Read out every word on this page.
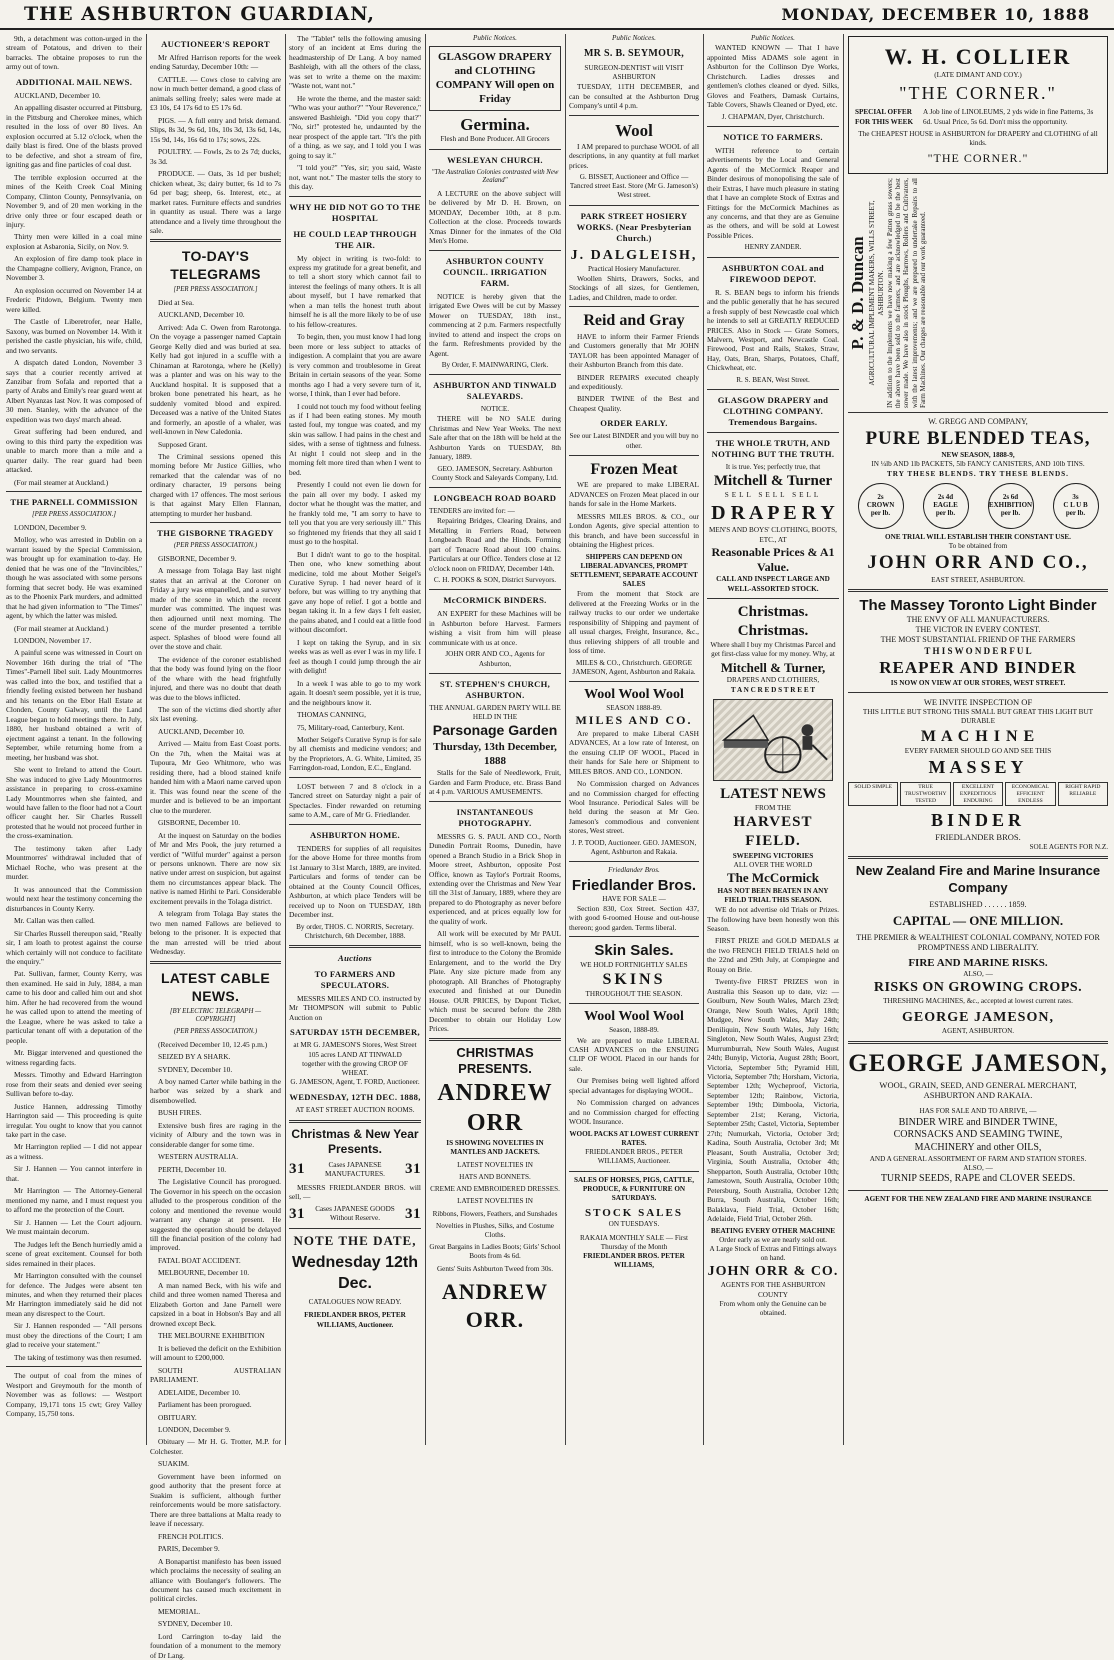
THE ASHBURTON GUARDIAN,	MONDAY, DECEMBER 10, 1888

9th, a detachment was cotton-urged in the stream of Potatous, and driven to their barracks. The obtaine proposes to run the army out of town.

ADDITIONAL MAIL NEWS.

AUCKLAND, December 10.

An appalling disaster occurred at Pittsburg, in the Pittsburg and Cherokee mines, which resulted in the loss of over 80 lives. An explosion occurred at 5.12 o'clock, when the daily blast is fired. One of the blasts proved to be defective, and shot a stream of fire, igniting gas and fine particles of coal dust.

The terrible explosion occurred at the mines of the Keith Creek Coal Mining Company, Clinton County, Pennsylvania, on November 9, and of 20 men working in the drive only three or four escaped death or injury.

Thirty men were killed in a coal mine explosion at Asbaronia, Sicily, on Nov. 9.

An explosion of fire damp took place in the Champagne colliery, Avignon, France, on November 3.

An explosion occurred on November 14 at Frederic Pitdown, Belgium. Twenty men were killed.

The Castle of Liberetrofer, near Halle, Saxony, was burned on November 14. With it perished the castle physician, his wife, child, and two servants.

A dispatch dated London, November 3 says that a courier recently arrived at Zanzibar from Sofala and reported that a party of Arabs and Emily's rear guard went at Albert Nyanzas last Nov. It was composed of 30 men. Stanley, with the advance of the expedition was two days' march ahead.

Great suffering had been endured, and owing to this third party the expedition was unable to march more than a mile and a quarter daily. The rear guard had been attacked.

(For mail steamer at Auckland.)

THE PARNELL COMMISSION
[PER PRESS ASSOCIATION.]

LONDON, December 9.

Molloy, who was arrested in Dublin on a warrant issued by the Special Commission, was brought up for examination to-day. He denied that he was one of the "Invincibles," though he was associated with some persons forming that secret body. He was examined as to the Phoenix Park murders, and admitted that he had given information to "The Times" agent, by which the latter was misled.

(For mail steamer at Auckland.)

LONDON, November 17.

A painful scene was witnessed in Court on November 16th during the trial of "The Times"-Parnell libel suit. Lady Mountmorres was called into the box, and testified that a friendly feeling existed between her husband and his tenants on the Ebor Hall Estate at Clonden, County Galway, until the Land League began to hold meetings there. In July, 1880, her husband obtained a writ of ejectment against a tenant. In the following September, while returning home from a meeting, her husband was shot.

She went to Ireland to attend the Court. She was induced to give Lady Mountmorres assistance in preparing to cross-examine Lady Mountmorres when she fainted, and would have fallen to the floor had not a Court officer caught her. Sir Charles Russell protested that he would not proceed further in the cross-examination.

The testimony taken after Lady Mountmorres' withdrawal included that of Michael Roche, who was present at the murder.

It was announced that the Commission would next hear the testimony concerning the disturbances in County Kerry.

Mr. Callan was then called.

Sir Charles Russell thereupon said, "Really sir, I am loath to protest against the course which certainly will not conduce to facilitate the enquiry."

Pat. Sullivan, farmer, County Kerry, was then examined. He said in July, 1884, a man came to his door and called him out and shot him. After he had recovered from the wound he was called upon to attend the meeting of the League, where he was asked to take a particular tenant off with a deputation of the people.

Mr. Biggar intervened and questioned the witness regarding facts.

Messrs. Timothy and Edward Harrington rose from their seats and denied ever seeing Sullivan before to-day.

Justice Hannen, addressing Timothy Harrington said — This proceeding is quite irregular. You ought to know that you cannot take part in the case.

Mr Harrington replied — I did not appear as a witness.

Sir J. Hannen — You cannot interfere in that.

Mr Harrington — The Attorney-General mentioned my name, and I must request you to afford me the protection of the Court.

Sir J. Hannen — Let the Court adjourn. We must maintain decorum.

The Judges left the Bench hurriedly amid a scene of great excitement. Counsel for both sides remained in their places.

Mr Harrington consulted with the counsel for defence. The Judges were absent ten minutes, and when they returned their places Mr Harrington immediately said he did not mean any disrespect to the Court.

Sir J. Hannen responded — "All persons must obey the directions of the Court; I am glad to receive your statement."

The taking of testimony was then resumed.

The output of coal from the mines of Westport and Greymouth for the month of November was as follows: — Westport Company, 19,171 tons 15 cwt; Grey Valley Company, 15,750 tons.

AUCTIONEER'S REPORT

Mr Alfred Harrison reports for the week ending Saturday, December 10th: —

CATTLE. — Cows close to calving are now in much better demand, a good class of animals selling freely; sales were made at £3 10s, £4 17s 6d to £5 17s 6d.

PIGS. — A full entry and brisk demand. Slips, 8s 3d, 9s 6d, 10s, 10s 3d, 13s 6d, 14s, 15s 9d, 14s, 16s 6d to 17s; sows, 22s.

POULTRY. — Fowls, 2s to 2s 7d; ducks, 3s 3d.

PRODUCE. — Oats, 3s 1d per bushel; chicken wheat, 3s; dairy butter, 6s 1d to 7s 6d per bag; sheep, 6s. Interest, etc., at market rates. Furniture effects and sundries in quantity as usual. There was a large attendance and a lively time throughout the sale.

TO-DAY'S TELEGRAMS
[PER PRESS ASSOCIATION.]

Died at Sea.

AUCKLAND, December 10.

Arrived: Ada C. Owen from Rarotonga. On the voyage a passenger named Captain George Kelly died and was buried at sea. Kelly had got injured in a scuffle with a Chinaman at Rarotonga, where he (Kelly) was a planter and was on his way to the Auckland hospital. It is supposed that a broken bone penetrated his heart, as he suddenly vomited blood and expired. Deceased was a native of the United States and formerly, an apostle of a whaler, was well-known in New Caledonia.

Supposed Grant.

The Criminal sessions opened this morning before Mr Justice Gillies, who remarked that the calendar was of no ordinary character, 19 persons being charged with 17 offences. The most serious is that against Mary Ellen Flannan, attempting to murder her husband.

THE GISBORNE TRAGEDY
(PER PRESS ASSOCIATION.)

GISBORNE, December 9.

A message from Tolaga Bay last night states that an arrival at the Coroner on Friday a jury was empanelled, and a survey made of the scene in which the recent murder was committed. The inquest was then adjourned until next morning. The scene of the murder presented a terrible aspect. Splashes of blood were found all over the stove and chair.

The evidence of the coroner established that the body was found lying on the floor of the whare with the head frightfully injured, and there was no doubt that death was due to the blows inflicted.

The son of the victims died shortly after six last evening.

AUCKLAND, December 10.

Arrived — Maitu from East Coast ports. On the 7th, when the Maitai was at Tupoura, Mr Geo Whitmore, who was residing there, had a blood stained knife handed him with a Maori name carved upon it. This was found near the scene of the murder and is believed to be an important clue to the murderer.

GISBORNE, December 10.

At the inquest on Saturday on the bodies of Mr and Mrs Pook, the jury returned a verdict of "Wilful murder" against a person or persons unknown. There are now six native under arrest on suspicion, but against them no circumstances appear black. The native is named Hirihi te Pari. Considerable excitement prevails in the Tolaga district.

A telegram from Tolaga Bay states the two men named Fallows are believed to belong to the prisoner. It is expected that the man arrested will be tried about Wednesday.

LATEST CABLE NEWS.
[BY ELECTRIC TELEGRAPH — COPYRIGHT]
(PER PRESS ASSOCIATION.)

(Received December 10, 12.45 p.m.)

SEIZED BY A SHARK.

SYDNEY, December 10.

A boy named Carter while bathing in the harbor was seized by a shark and disembowelled.

BUSH FIRES.

Extensive bush fires are raging in the vicinity of Albury and the town was in considerable danger for some time.

WESTERN AUSTRALIA.

PERTH, December 10.

The Legislative Council has prorogued. The Governor in his speech on the occasion alluded to the prosperous condition of the colony and mentioned the revenue would warrant any change at present. He suggested the operation should be delayed till the financial position of the colony had improved.

FATAL BOAT ACCIDENT.

MELBOURNE, December 10.

A man named Beck, with his wife and child and three women named Theresa and Elizabeth Gorton and Jane Parnell were capsized in a boat in Hobson's Bay and all drowned except Beck.

THE MELBOURNE EXHIBITION

It is believed the deficit on the Exhibition will amount to £200,000.

SOUTH AUSTRALIAN PARLIAMENT.

ADELAIDE, December 10.

Parliament has been prorogued.

OBITUARY.

LONDON, December 9.

Obituary — Mr H. G. Trotter, M.P. for Colchester.

SUAKIM.

Government have been informed on good authority that the present force at Suakim is sufficient, although further reinforcements would be more satisfactory. There are three battalions at Malta ready to leave if necessary.

FRENCH POLITICS.

PARIS, December 9.

A Bonapartist manifesto has been issued which proclaims the necessity of sealing an alliance with Boulanger's followers. The document has caused much excitement in political circles.

MEMORIAL.

SYDNEY, December 10.

Lord Carrington to-day laid the foundation of a monument to the memory of Dr Lang.

The "Tablet" tells the following amusing story of an incident at Ems during the headmastership of Dr Lang. A boy named Bashleigh, with all the others of the class, was set to write a theme on the maxim: "Waste not, want not."

He wrote the theme, and the master said: "Who was your author?" "Your Reverence," answered Bashleigh. "Did you copy that?" "No, sir!" protested he, undaunted by the near prospect of the apple tart. "It's the pith of a thing, as we say, and I told you I was going to say it."

"I told you?" "Yes, sir; you said, Waste not, want not." The master tells the story to this day.

WHY HE DID NOT GO TO THE HOSPITAL
HE COULD LEAP THROUGH THE AIR.

My object in writing is two-fold: to express my gratitude for a great benefit, and to tell a short story which cannot fail to interest the feelings of many others. It is all about myself, but I have remarked that when a man tells the honest truth about himself he is all the more likely to be of use to his fellow-creatures.

To begin, then, you must know I had long been more or less subject to attacks of indigestion. A complaint that you are aware is very common and troublesome in Great Britain in certain seasons of the year. Some months ago I had a very severe turn of it, worse, I think, than I ever had before.

I could not touch my food without feeling as if I had been eating stones. My mouth tasted foul, my tongue was coated, and my skin was sallow. I had pains in the chest and sides, with a sense of tightness and fulness. At night I could not sleep and in the morning felt more tired than when I went to bed.

Presently I could not even lie down for the pain all over my body. I asked my doctor what he thought was the matter, and he frankly told me, "I am sorry to have to tell you that you are very seriously ill." This so frightened my friends that they all said I must go to the hospital.

But I didn't want to go to the hospital. Then one, who knew something about medicine, told me about Mother Seigel's Curative Syrup. I had never heard of it before, but was willing to try anything that gave any hope of relief. I got a bottle and began taking it. In a few days I felt easier, the pains abated, and I could eat a little food without discomfort.

I kept on taking the Syrup, and in six weeks was as well as ever I was in my life. I feel as though I could jump through the air with delight!

In a week I was able to go to my work again. It doesn't seem possible, yet it is true, and the neighbours know it.

THOMAS CANNING,

75, Military-road, Canterbury, Kent.

Mother Seigel's Curative Syrup is for sale by all chemists and medicine vendors; and by the Proprietors, A. G. White, Limited, 35 Farringdon-road, London, E.C., England.

LOST between 7 and 8 o'clock in a Tancred street on Saturday night a pair of Spectacles. Finder rewarded on returning same to A.M., care of Mr G. Friedlander.

ASHBURTON HOME.

TENDERS for supplies of all requisites for the above Home for three months from 1st January to 31st March, 1889, are invited. Particulars and forms of tender can be obtained at the County Council Offices, Ashburton, at which place Tenders will be received up to Noon on TUESDAY, 18th December inst.

By order, THOS. C. NORRIS, Secretary. Christchurch, 6th December, 1888.
Auctions
TO FARMERS AND SPECULATORS.

MESSRS MILES AND CO. instructed by Mr THOMPSON will submit to Public Auction on

SATURDAY 15TH DECEMBER,
at MR G. JAMESON'S Stores, West Street 105 acres LAND AT TINWALD
together with the growing CROP OF WHEAT.
G. JAMESON, Agent, T. FORD, Auctioneer.
WEDNESDAY, 12TH DEC. 1888,
AT EAST STREET AUCTION ROOMS.
Christmas & New Year Presents.
31	Cases JAPANESE MANUFACTURES.	31

MESSRS FRIEDLANDER BROS. will sell, —

31	Cases JAPANESE GOODS Without Reserve.	31
NOTE THE DATE,
Wednesday 12th Dec.
CATALOGUES NOW READY.
FRIEDLANDER BROS, PETER WILLIAMS, Auctioneer.
Public Notices.
GLASGOW DRAPERY and CLOTHING COMPANY Will open on Friday
Germina.
Flesh and Bone Producer. All Grocers
WESLEYAN CHURCH.
"The Australian Colonies contrasted with New Zealand"

A LECTURE on the above subject will be delivered by Mr D. H. Brown, on MONDAY, December 10th, at 8 p.m. Collection at the close. Proceeds towards Xmas Dinner for the inmates of the Old Men's Home.

ASHBURTON COUNTY COUNCIL. IRRIGATION FARM.

NOTICE is hereby given that the irrigated Ewe Owes will be cut by Massey Mower on TUESDAY, 18th inst., commencing at 2 p.m. Farmers respectfully invited to attend and inspect the crops on the farm. Refreshments provided by the Agent.

By Order, F. MAINWARING, Clerk.
ASHBURTON AND TINWALD SALEYARDS.
NOTICE.

THERE will be NO SALE during Christmas and New Year Weeks. The next Sale after that on the 18th will be held at the Ashburton Yards on TUESDAY, 8th January, 1889.

GEO. JAMESON, Secretary. Ashburton County Stock and Saleyards Company, Ltd.
LONGBEACH ROAD BOARD
TENDERS are invited for: —

Repairing Bridges, Clearing Drains, and Metalling in Ferriers Road, between Longbeach Road and the Hinds. Forming part of Tenacre Road about 100 chains. Particulars at our Office. Tenders close at 12 o'clock noon on FRIDAY, December 14th.

C. H. POOKS & SON, District Surveyors.
McCORMICK BINDERS.

AN EXPERT for these Machines will be in Ashburton before Harvest. Farmers wishing a visit from him will please communicate with us at once.

JOHN ORR AND CO., Agents for Ashburton,
ST. STEPHEN'S CHURCH, ASHBURTON.
THE ANNUAL GARDEN PARTY WILL BE HELD IN THE
Parsonage Garden
Thursday, 13th December, 1888

Stalls for the Sale of Needlework, Fruit, Garden and Farm Produce, etc. Brass Band at 4 p.m. VARIOUS AMUSEMENTS.

INSTANTANEOUS PHOTOGRAPHY.

MESSRS G. S. PAUL AND CO., North Dunedin Portrait Rooms, Dunedin, have opened a Branch Studio in a Brick Shop in Moore street, Ashburton, opposite Post Office, known as Taylor's Portrait Rooms, extending over the Christmas and New Year till the 31st of January, 1889, where they are prepared to do Photography as never before experienced, and at prices equally low for the quality of work.

All work will be executed by Mr PAUL himself, who is so well-known, being the first to introduce to the Colony the Bromide Enlargement, and to the world the Dry Plate. Any size picture made from any photograph. All Branches of Photography executed and finished at our Dunedin House. OUR PRICES, by Dupont Ticket, which must be secured before the 28th December to obtain our Holiday Low Prices.

CHRISTMAS PRESENTS.
ANDREW ORR
IS SHOWING NOVELTIES IN MANTLES AND JACKETS.
LATEST NOVELTIES IN
HATS AND BONNETS.
CREME AND EMBROIDERED DRESSES.
LATEST NOVELTIES IN
Ribbons, Flowers, Feathers, and Sunshades
Novelties in Plushes, Silks, and Costume Cloths.
Great Bargains in Ladies Boots; Girls' School Boots from 4s 6d.
Gents' Suits Ashburton Tweed from 30s.
ANDREW ORR.
Public Notices.
MR S. B. SEYMOUR,
SURGEON-DENTIST will VISIT ASHBURTON

TUESDAY, 11TH DECEMBER, and can be consulted at the Ashburton Drug Company's until 4 p.m.

Wool

I AM prepared to purchase WOOL of all descriptions, in any quantity at full market prices.

G. BISSET, Auctioneer and Office — Tancred street East. Store (Mr G. Jameson's) West street.
PARK STREET HOSIERY WORKS. (Near Presbyterian Church.)
J. DALGLEISH,
Practical Hosiery Manufacturer.

Woollen Shirts, Drawers, Socks, and Stockings of all sizes, for Gentlemen, Ladies, and Children, made to order.

Reid and Gray

HAVE to inform their Farmer Friends and Customers generally that Mr JOHN TAYLOR has been appointed Manager of their Ashburton Branch from this date.

BINDER REPAIRS executed cheaply and expeditiously.

BINDER TWINE of the Best and Cheapest Quality.

ORDER EARLY.
See our Latest BINDER and you will buy no other.
Frozen Meat

WE are prepared to make LIBERAL ADVANCES on Frozen Meat placed in our hands for sale in the Home Markets.

MESSRS MILES BROS. & CO., our London Agents, give special attention to this branch, and have been successful in obtaining the Highest prices.

SHIPPERS CAN DEPEND ON LIBERAL ADVANCES, PROMPT SETTLEMENT, SEPARATE ACCOUNT SALES

From the moment that Stock are delivered at the Freezing Works or in the railway trucks to our order we undertake responsibility of Shipping and payment of all usual charges, Freight, Insurance, &c., thus relieving shippers of all trouble and loss of time.

MILES & CO., Christchurch. GEORGE JAMESON, Agent, Ashburton and Rakaia.
Wool Wool Wool
SEASON 1888-89.
MILES AND CO.

Are prepared to make Liberal CASH ADVANCES, At a low rate of Interest, on the ensuing CLIP OF WOOL, Placed in their hands for Sale here or Shipment to MILES BROS. AND CO., LONDON.

No Commission charged on Advances and no Commission charged for effecting Wool Insurance. Periodical Sales will be held during the season at Mr Geo. Jameson's commodious and convenient stores, West street.

J. P. TOOD, Auctioneer. GEO. JAMESON, Agent, Ashburton and Rakaia.
Friedlander Bros.
Friedlander Bros.
HAVE FOR SALE —

Section 830, Cox Street. Section 437, with good 6-roomed House and out-house thereon; good garden. Terms liberal.

Skin Sales.
WE HOLD FORTNIGHTLY SALES
SKINS
THROUGHOUT THE SEASON.
Wool Wool Wool
Season, 1888-89.

We are prepared to make LIBERAL CASH ADVANCES on the ENSUING CLIP OF WOOL Placed in our hands for sale.

Our Premises being well lighted afford special advantages for displaying WOOL.

No Commission charged on advances and no Commission charged for effecting WOOL Insurance.

WOOL PACKS AT LOWEST CURRENT RATES.
FRIEDLANDER BROS., PETER WILLIAMS, Auctioneer.
SALES OF HORSES, PIGS, CATTLE, PRODUCE, & FURNITURE ON SATURDAYS.
STOCK SALES
ON TUESDAYS.
RAKAIA MONTHLY SALE — First Thursday of the Month
FRIEDLANDER BROS. PETER WILLIAMS,
Public Notices.

WANTED KNOWN — That I have appointed Miss ADAMS sole agent in Ashburton for the Collinson Dye Works, Christchurch. Ladies dresses and gentlemen's clothes cleaned or dyed. Silks, Gloves and Feathers, Damask Curtains, Table Covers, Shawls Cleaned or Dyed, etc.

J. CHAPMAN, Dyer, Christchurch.
NOTICE TO FARMERS.

WITH reference to certain advertisements by the Local and General Agents of the McCormick Reaper and Binder desirous of monopolising the sale of their Extras, I have much pleasure in stating that I have an complete Stock of Extras and Fittings for the McCormick Machines as any concerns, and that they are as Genuine as the others, and will be sold at Lowest Possible Prices.

HENRY ZANDER.
ASHBURTON COAL and FIREWOOD DEPOT.

R. S. BEAN begs to inform his friends and the public generally that he has secured a fresh supply of best Newcastle coal which he intends to sell at GREATLY REDUCED PRICES. Also in Stock — Grate Somers, Malvern, Westport, and Newcastle Coal. Firewood, Post and Rails, Stakes, Straw, Hay, Oats, Bran, Sharps, Potatoes, Chaff, Chickwheat, etc.

R. S. BEAN, West Street.
GLASGOW DRAPERY and CLOTHING COMPANY. Tremendous Bargains.
THE WHOLE TRUTH, AND NOTHING BUT THE TRUTH.
It is true. Yes; perfectly true, that
Mitchell & Turner
SELL SELL SELL
D R A P E R Y
MEN'S AND BOYS' CLOTHING, BOOTS, ETC., AT
Reasonable Prices & A1 Value.
CALL AND INSPECT LARGE AND WELL-ASSORTED STOCK.
Christmas. Christmas.
Where shall I buy my Christmas Parcel and get first-class value for my money. Why, at
Mitchell & Turner,
DRAPERS AND CLOTHIERS,
T A N C R E D S T R E E T
LATEST NEWS
FROM THE
HARVEST FIELD.
SWEEPING VICTORIES
ALL OVER THE WORLD
The McCormick
HAS NOT BEEN BEATEN IN ANY FIELD TRIAL THIS SEASON.

WE do not advertise old Trials or Prizes. The following have been honestly won this Season.

FIRST PRIZE and GOLD MEDALS at the two FRENCH FIELD TRIALS held on the 22nd and 29th July, at Compiegne and Rouay on Brie.

Twenty-five FIRST PRIZES won in Australia this Season up to date, viz: — Goulburn, New South Wales, March 23rd; Orange, New South Wales, April 18th; Mudgee, New South Wales, May 24th; Deniliquin, New South Wales, July 16th; Singleton, New South Wales, August 23rd; Murrumburrah, New South Wales, August 24th; Bunyip, Victoria, August 28th; Boort, Victoria, September 5th; Pyramid Hill, Victoria, September 7th; Horsham, Victoria, September 12th; Wycheproof, Victoria, September 12th; Rainbow, Victoria, September 19th; Dimboola, Victoria, September 21st; Kerang, Victoria, September 25th; Castel, Victoria, September 27th; Numurkah, Victoria, October 3rd; Kadina, South Australia, October 3rd; Mt Pleasant, South Australia, October 3rd; Virginia, South Australia, October 4th; Shepparton, South Australia, October 10th; Jamestown, South Australia, October 10th; Petersburg, South Australia, October 12th; Burra, South Australia, October 16th; Balaklava, Field Trial, October 16th; Adelaide, Field Trial, October 26th.

BEATING EVERY OTHER MACHINE
Order early as we are nearly sold out.
A Large Stock of Extras and Fittings always on hand.
JOHN ORR & CO.
AGENTS FOR THE ASHBURTON COUNTY
From whom only the Genuine can be obtained.
W. H. COLLIER
(LATE DIMANT AND COY.)
"THE CORNER."
SPECIAL OFFER FOR THIS WEEK
A Job line of LINOLEUMS, 2 yds wide in fine Patterns, 3s 6d. Usual Price, 5s 6d. Don't miss the opportunity.
The CHEAPEST HOUSE in ASHBURTON for DRAPERY and CLOTHING of all kinds.
"THE CORNER."
P. & D. Duncan AGRICULTURAL IMPLEMENT MAKERS, WILLS STREET, ASHBURTON. IN addition to the Implements we have now making a few Patten grass sowers; the above have been sold to the farmers, and are acknowledged to be the best sower made. We have also in stock Ploughs, Harrows, Rollers and Cultivators, with the latest improvements; and we are prepared to undertake Repairs to all Farm Machines. Our charges are reasonable and our work guaranteed.
W. GREGG AND COMPANY,
PURE BLENDED TEAS,
NEW SEASON, 1888-9,
IN ¼lb AND 1lb PACKETS, 5lb FANCY CANISTERS, AND 10lb TINS.
TRY THESE BLENDS. TRY THESE BLENDS.
2s
CROWN
per lb.
2s 4d
EAGLE
per lb.
2s 6d
EXHIBITION
per lb.
3s
C L U B
per lb.
ONE TRIAL WILL ESTABLISH THEIR CONSTANT USE.
To be obtained from
JOHN ORR AND CO.,
EAST STREET, ASHBURTON.
The Massey Toronto Light Binder
THE ENVY OF ALL MANUFACTURERS.
THE VICTOR IN EVERY CONTEST.
THE MOST SUBSTANTIAL FRIEND OF THE FARMERS
T H I S W O N D E R F U L
REAPER AND BINDER
IS NOW ON VIEW AT OUR STORES, WEST STREET.
WE INVITE INSPECTION OF
THIS LITTLE BUT STRONG THIS SMALL BUT GREAT THIS LIGHT BUT DURABLE
M A C H I N E
EVERY FARMER SHOULD GO AND SEE THIS
MASSEY
SOLID SIMPLE	TRUE TRUSTWORTHY TESTED
EXCELLENT EXPEDITIOUS ENDURING
ECONOMICAL EFFICIENT ENDLESS
RIGHT RAPID RELIABLE
BINDER
FRIEDLANDER BROS.
SOLE AGENTS FOR N.Z.
New Zealand Fire and Marine Insurance Company
ESTABLISHED . . . . . . 1859.
CAPITAL — ONE MILLION.
THE PREMIER & WEALTHIEST COLONIAL COMPANY, NOTED FOR PROMPTNESS AND LIBERALITY.
FIRE AND MARINE RISKS.
ALSO, —
RISKS ON GROWING CROPS.
THRESHING MACHINES, &c., accepted at lowest current rates.
GEORGE JAMESON,
AGENT, ASHBURTON.
GEORGE JAMESON,
WOOL, GRAIN, SEED, AND GENERAL MERCHANT,
ASHBURTON AND RAKAIA.
HAS FOR SALE AND TO ARRIVE, —
BINDER WIRE and BINDER TWINE,
CORNSACKS AND SEAMING TWINE,
MACHINERY and other OILS,
AND A GENERAL ASSORTMENT OF FARM AND STATION STORES.
ALSO, —
TURNIP SEEDS, RAPE and CLOVER SEEDS.
AGENT FOR THE NEW ZEALAND FIRE AND MARINE INSURANCE
